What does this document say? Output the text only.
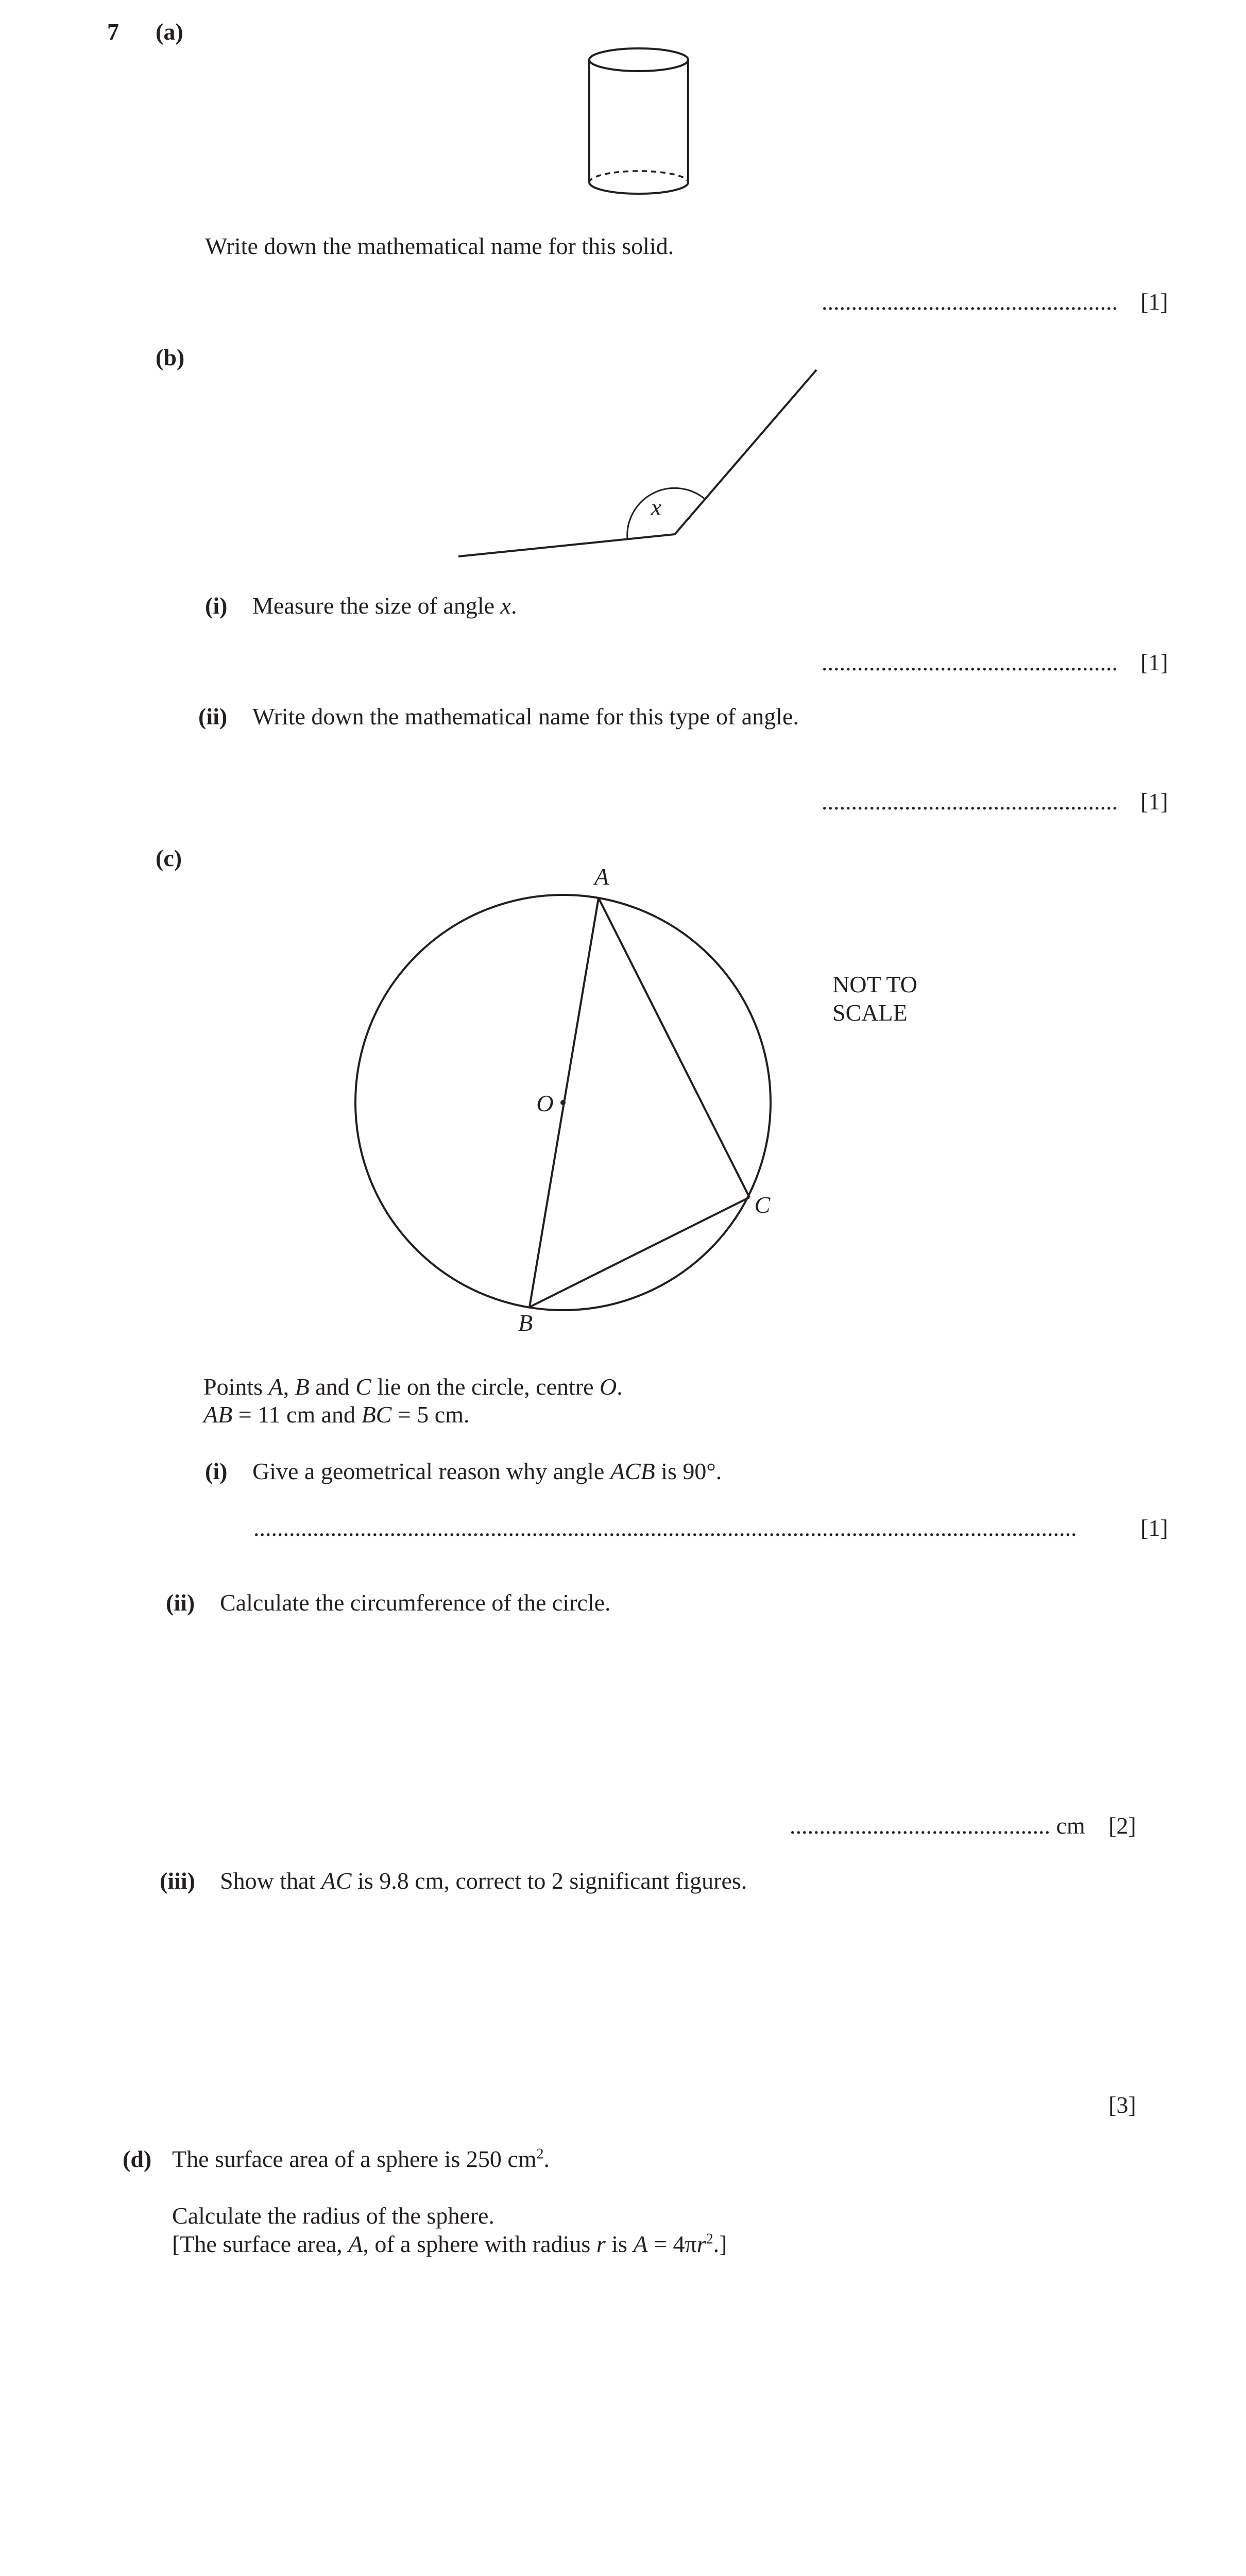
7 (a)
Write down the mathematical name for this solid.
.................................................. [1]
(b)
x
(i) Measure the size of angle x.
.................................................. [1]
(ii) Write down the mathematical name for this type of angle.
.................................................. [1]
(c)
A
B
C
O
NOT TO
SCALE
Points A, B and C lie on the circle, centre O.
AB = 11 cm and BC = 5 cm.
(i) Give a geometrical reason why angle ACB is 90°.
...........................................................................................................................................	[1]
(ii) Calculate the circumference of the circle.
............................................ cm [2]
(iii) Show that AC is 9.8 cm, correct to 2 significant figures.
[3]
(d) The surface area of a sphere is 250 $cm^2$.
Calculate the radius of the sphere.
[The surface area, A, of a sphere with radius r is $A = 4\pi r^2$.]
